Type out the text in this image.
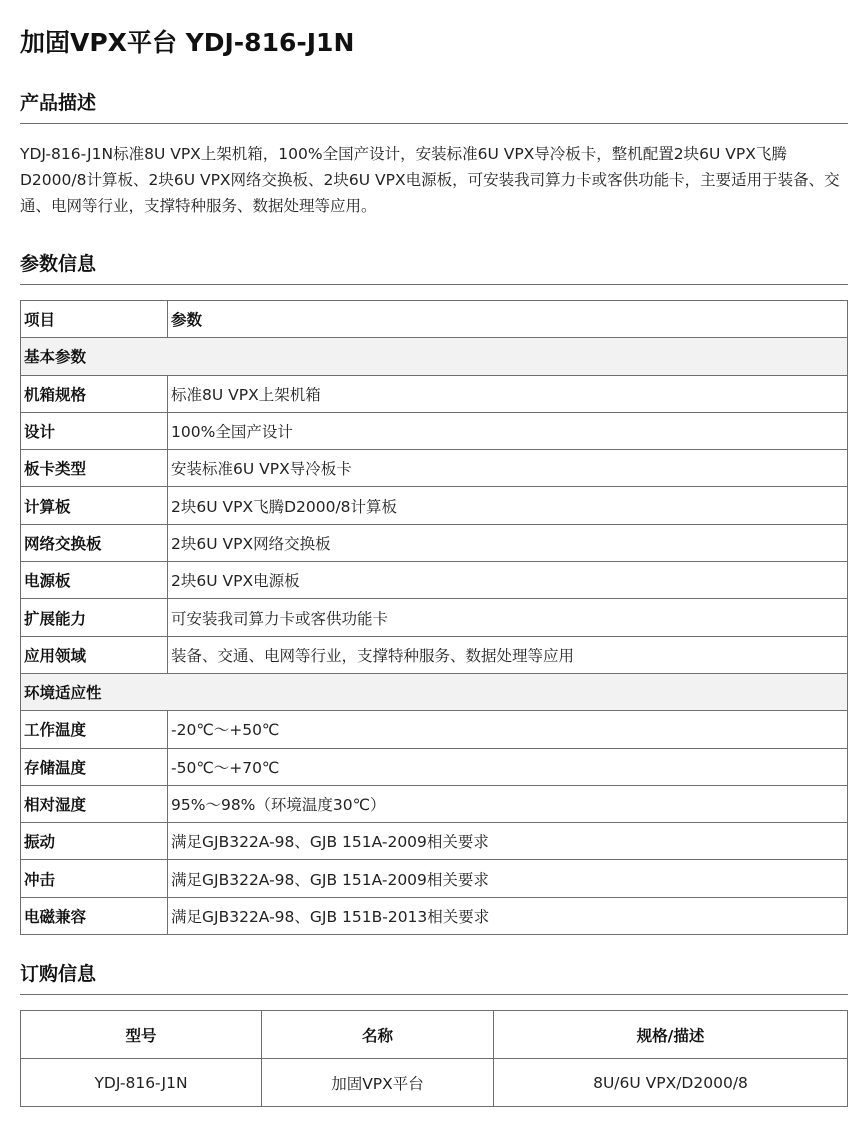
加固VPX平台 YDJ-816-J1N
产品描述

YDJ-816-J1N标准8U VPX上架机箱，100%全国产设计，安装标准6U VPX导冷板卡，整机配置2块6U VPX飞腾D2000/8计算板、2块6U VPX网络交换板、2块6U VPX电源板，可安装我司算力卡或客供功能卡，主要适用于装备、交通、电网等行业，支撑特种服务、数据处理等应用。

参数信息
项目	参数
基本参数	
机箱规格	标准8U VPX上架机箱
设计	100%全国产设计
板卡类型	安装标准6U VPX导冷板卡
计算板	2块6U VPX飞腾D2000/8计算板
网络交换板	2块6U VPX网络交换板
电源板	2块6U VPX电源板
扩展能力	可安装我司算力卡或客供功能卡
应用领域	装备、交通、电网等行业，支撑特种服务、数据处理等应用
环境适应性	
工作温度	-20℃～+50℃
存储温度	-50℃～+70℃
相对湿度	95%～98%（环境温度30℃）
振动	满足GJB322A-98、GJB 151A-2009相关要求
冲击	满足GJB322A-98、GJB 151A-2009相关要求
电磁兼容	满足GJB322A-98、GJB 151B-2013相关要求
订购信息
型号	名称	规格/描述
YDJ-816-J1N	加固VPX平台	8U/6U VPX/D2000/8
